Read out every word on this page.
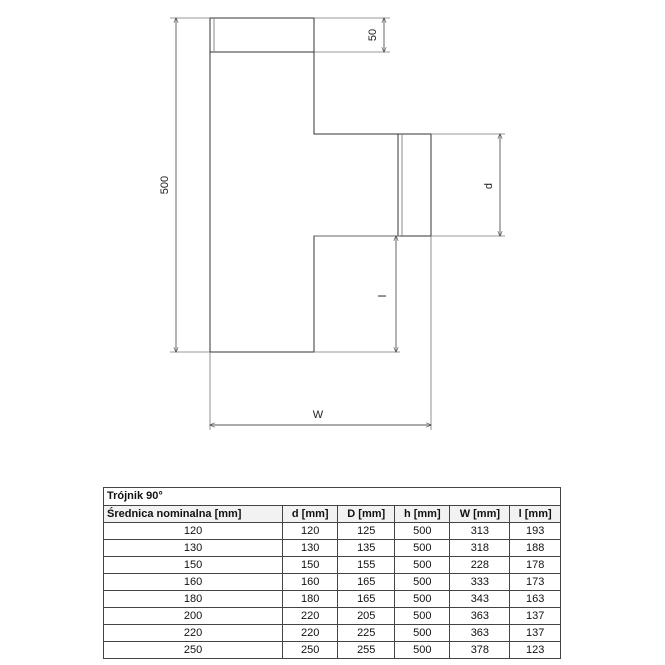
500
50
d
l
W
Trójnik 90°					
Średnica nominalna [mm]	d [mm]	D [mm]	h [mm]	W [mm]	l [mm]
120	120	125	500	313	193
130	130	135	500	318	188
150	150	155	500	228	178
160	160	165	500	333	173
180	180	165	500	343	163
200	220	205	500	363	137
220	220	225	500	363	137
250	250	255	500	378	123
